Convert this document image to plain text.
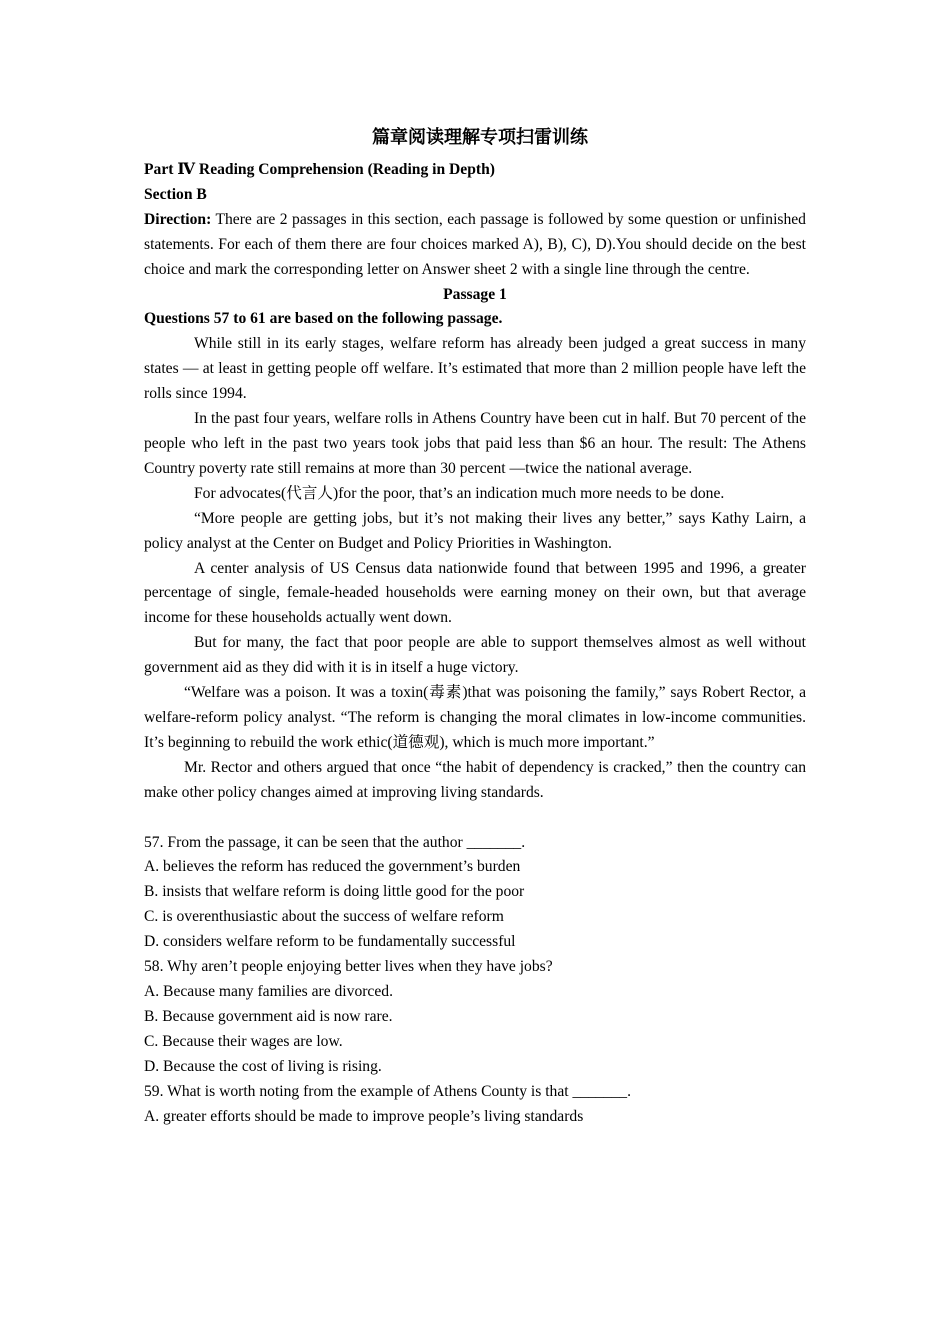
篇章阅读理解专项扫雷训练

Part Ⅳ Reading Comprehension (Reading in Depth)

Section B

Direction: There are 2 passages in this section, each passage is followed by some question or unfinished statements. For each of them there are four choices marked A), B), C), D).You should decide on the best choice and mark the corresponding letter on Answer sheet 2 with a single line through the centre.

Passage 1

Questions 57 to 61 are based on the following passage.

While still in its early stages, welfare reform has already been judged a great success in many states — at least in getting people off welfare. It’s estimated that more than 2 million people have left the rolls since 1994.

In the past four years, welfare rolls in Athens Country have been cut in half. But 70 percent of the people who left in the past two years took jobs that paid less than $6 an hour. The result: The Athens Country poverty rate still remains at more than 30 percent —twice the national average.

For advocates(代言人)for the poor, that’s an indication much more needs to be done.

“More people are getting jobs, but it’s not making their lives any better,” says Kathy Lairn, a policy analyst at the Center on Budget and Policy Priorities in Washington.

A center analysis of US Census data nationwide found that between 1995 and 1996, a greater percentage of single, female-headed households were earning money on their own, but that average income for these households actually went down.

But for many, the fact that poor people are able to support themselves almost as well without government aid as they did with it is in itself a huge victory.

“Welfare was a poison. It was a toxin(毒素)that was poisoning the family,” says Robert Rector, a welfare-reform policy analyst. “The reform is changing the moral climates in low-income communities. It’s beginning to rebuild the work ethic(道德观), which is much more important.”

Mr. Rector and others argued that once “the habit of dependency is cracked,” then the country can make other policy changes aimed at improving living standards.

57. From the passage, it can be seen that the author _______.

A. believes the reform has reduced the government’s burden

B. insists that welfare reform is doing little good for the poor

C. is overenthusiastic about the success of welfare reform

D. considers welfare reform to be fundamentally successful

58. Why aren’t people enjoying better lives when they have jobs?

A. Because many families are divorced.

B. Because government aid is now rare.

C. Because their wages are low.

D. Because the cost of living is rising.

59. What is worth noting from the example of Athens County is that _______.

A. greater efforts should be made to improve people’s living standards
